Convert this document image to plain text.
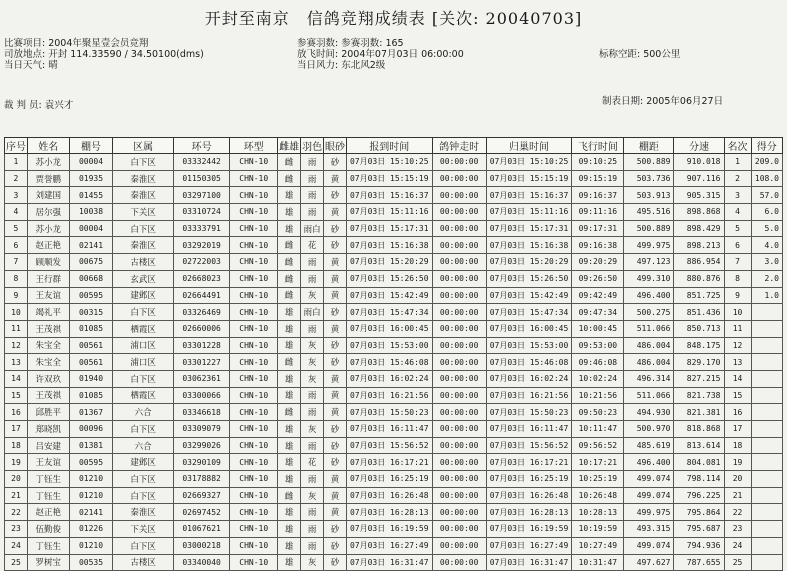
开封至南京　信鸽竞翔成绩表 [关次: 20040703]
比赛项目: 2004年聚星壹会员竞翔
司放地点: 开封 114.33590 / 34.50100(dms)
当日天气: 晴
参赛羽数: 参赛羽数: 165
放飞时间: 2004年07月03日 06:00:00
当日风力: 东北风2级
标称空距: 500公里
裁 判 员: 袁兴才	制表日期: 2005年06月27日
序号	姓名	棚号	区属	环号	环型	雌雄	羽色	眼砂	报到时间	鸽钟走时	归巢时间	飞行时间	棚距	分速	名次	得分
1	苏小龙	00004	白下区	03332442	CHN-10	雌	雨	砂	07月03日 15:10:25	00:00:00	07月03日 15:10:25	09:10:25	500.889	910.018	1	209.0
2	贾誉鹏	01935	秦淮区	01150305	CHN-10	雌	雨	黄	07月03日 15:15:19	00:00:00	07月03日 15:15:19	09:15:19	503.736	907.116	2	108.0
3	刘建国	01455	秦淮区	03297100	CHN-10	雄	雨	砂	07月03日 15:16:37	00:00:00	07月03日 15:16:37	09:16:37	503.913	905.315	3	57.0
4	居尔强	10038	下关区	03310724	CHN-10	雄	雨	黄	07月03日 15:11:16	00:00:00	07月03日 15:11:16	09:11:16	495.516	898.868	4	6.0
5	苏小龙	00004	白下区	03333791	CHN-10	雄	雨白	砂	07月03日 15:17:31	00:00:00	07月03日 15:17:31	09:17:31	500.889	898.429	5	5.0
6	赵正艳	02141	秦淮区	03292019	CHN-10	雌	花	砂	07月03日 15:16:38	00:00:00	07月03日 15:16:38	09:16:38	499.975	898.213	6	4.0
7	顾顺发	00675	古楼区	02722003	CHN-10	雌	雨	黄	07月03日 15:20:29	00:00:00	07月03日 15:20:29	09:20:29	497.123	886.954	7	3.0
8	王行群	00668	玄武区	02668023	CHN-10	雌	雨	黄	07月03日 15:26:50	00:00:00	07月03日 15:26:50	09:26:50	499.310	880.876	8	2.0
9	王友谊	00595	建邺区	02664491	CHN-10	雌	灰	黄	07月03日 15:42:49	00:00:00	07月03日 15:42:49	09:42:49	496.400	851.725	9	1.0
10	竭礼平	00315	白下区	03326469	CHN-10	雄	雨白	砂	07月03日 15:47:34	00:00:00	07月03日 15:47:34	09:47:34	500.275	851.436	10	
11	王茂祺	01085	栖霞区	02660006	CHN-10	雄	雨	黄	07月03日 16:00:45	00:00:00	07月03日 16:00:45	10:00:45	511.066	850.713	11	
12	朱宝全	00561	浦口区	03301228	CHN-10	雄	灰	砂	07月03日 15:53:00	00:00:00	07月03日 15:53:00	09:53:00	486.004	848.175	12	
13	朱宝全	00561	浦口区	03301227	CHN-10	雌	灰	砂	07月03日 15:46:08	00:00:00	07月03日 15:46:08	09:46:08	486.004	829.170	13	
14	许双玖	01940	白下区	03062361	CHN-10	雄	灰	黄	07月03日 16:02:24	00:00:00	07月03日 16:02:24	10:02:24	496.314	827.215	14	
15	王茂祺	01085	栖霞区	03300066	CHN-10	雄	雨	黄	07月03日 16:21:56	00:00:00	07月03日 16:21:56	10:21:56	511.066	821.738	15	
16	邱胜平	01367	六合	03346618	CHN-10	雌	雨	黄	07月03日 15:50:23	00:00:00	07月03日 15:50:23	09:50:23	494.930	821.381	16	
17	郑晓凯	00096	白下区	03309079	CHN-10	雄	灰	砂	07月03日 16:11:47	00:00:00	07月03日 16:11:47	10:11:47	500.970	818.868	17	
18	吕安建	01381	六合	03299026	CHN-10	雄	雨	砂	07月03日 15:56:52	00:00:00	07月03日 15:56:52	09:56:52	485.619	813.614	18	
19	王友谊	00595	建邺区	03290109	CHN-10	雄	花	砂	07月03日 16:17:21	00:00:00	07月03日 16:17:21	10:17:21	496.400	804.081	19	
20	丁钰生	01210	白下区	03178882	CHN-10	雄	雨	黄	07月03日 16:25:19	00:00:00	07月03日 16:25:19	10:25:19	499.074	798.114	20	
21	丁钰生	01210	白下区	02669327	CHN-10	雌	灰	黄	07月03日 16:26:48	00:00:00	07月03日 16:26:48	10:26:48	499.074	796.225	21	
22	赵正艳	02141	秦淮区	02697452	CHN-10	雄	雨	黄	07月03日 16:28:13	00:00:00	07月03日 16:28:13	10:28:13	499.975	795.864	22	
23	伍勤俊	01226	下关区	01067621	CHN-10	雄	雨	砂	07月03日 16:19:59	00:00:00	07月03日 16:19:59	10:19:59	493.315	795.687	23	
24	丁钰生	01210	白下区	03000218	CHN-10	雄	雨	砂	07月03日 16:27:49	00:00:00	07月03日 16:27:49	10:27:49	499.074	794.936	24	
25	罗树宝	00535	古楼区	03340040	CHN-10	雄	灰	砂	07月03日 16:31:47	00:00:00	07月03日 16:31:47	10:31:47	497.627	787.655	25	
